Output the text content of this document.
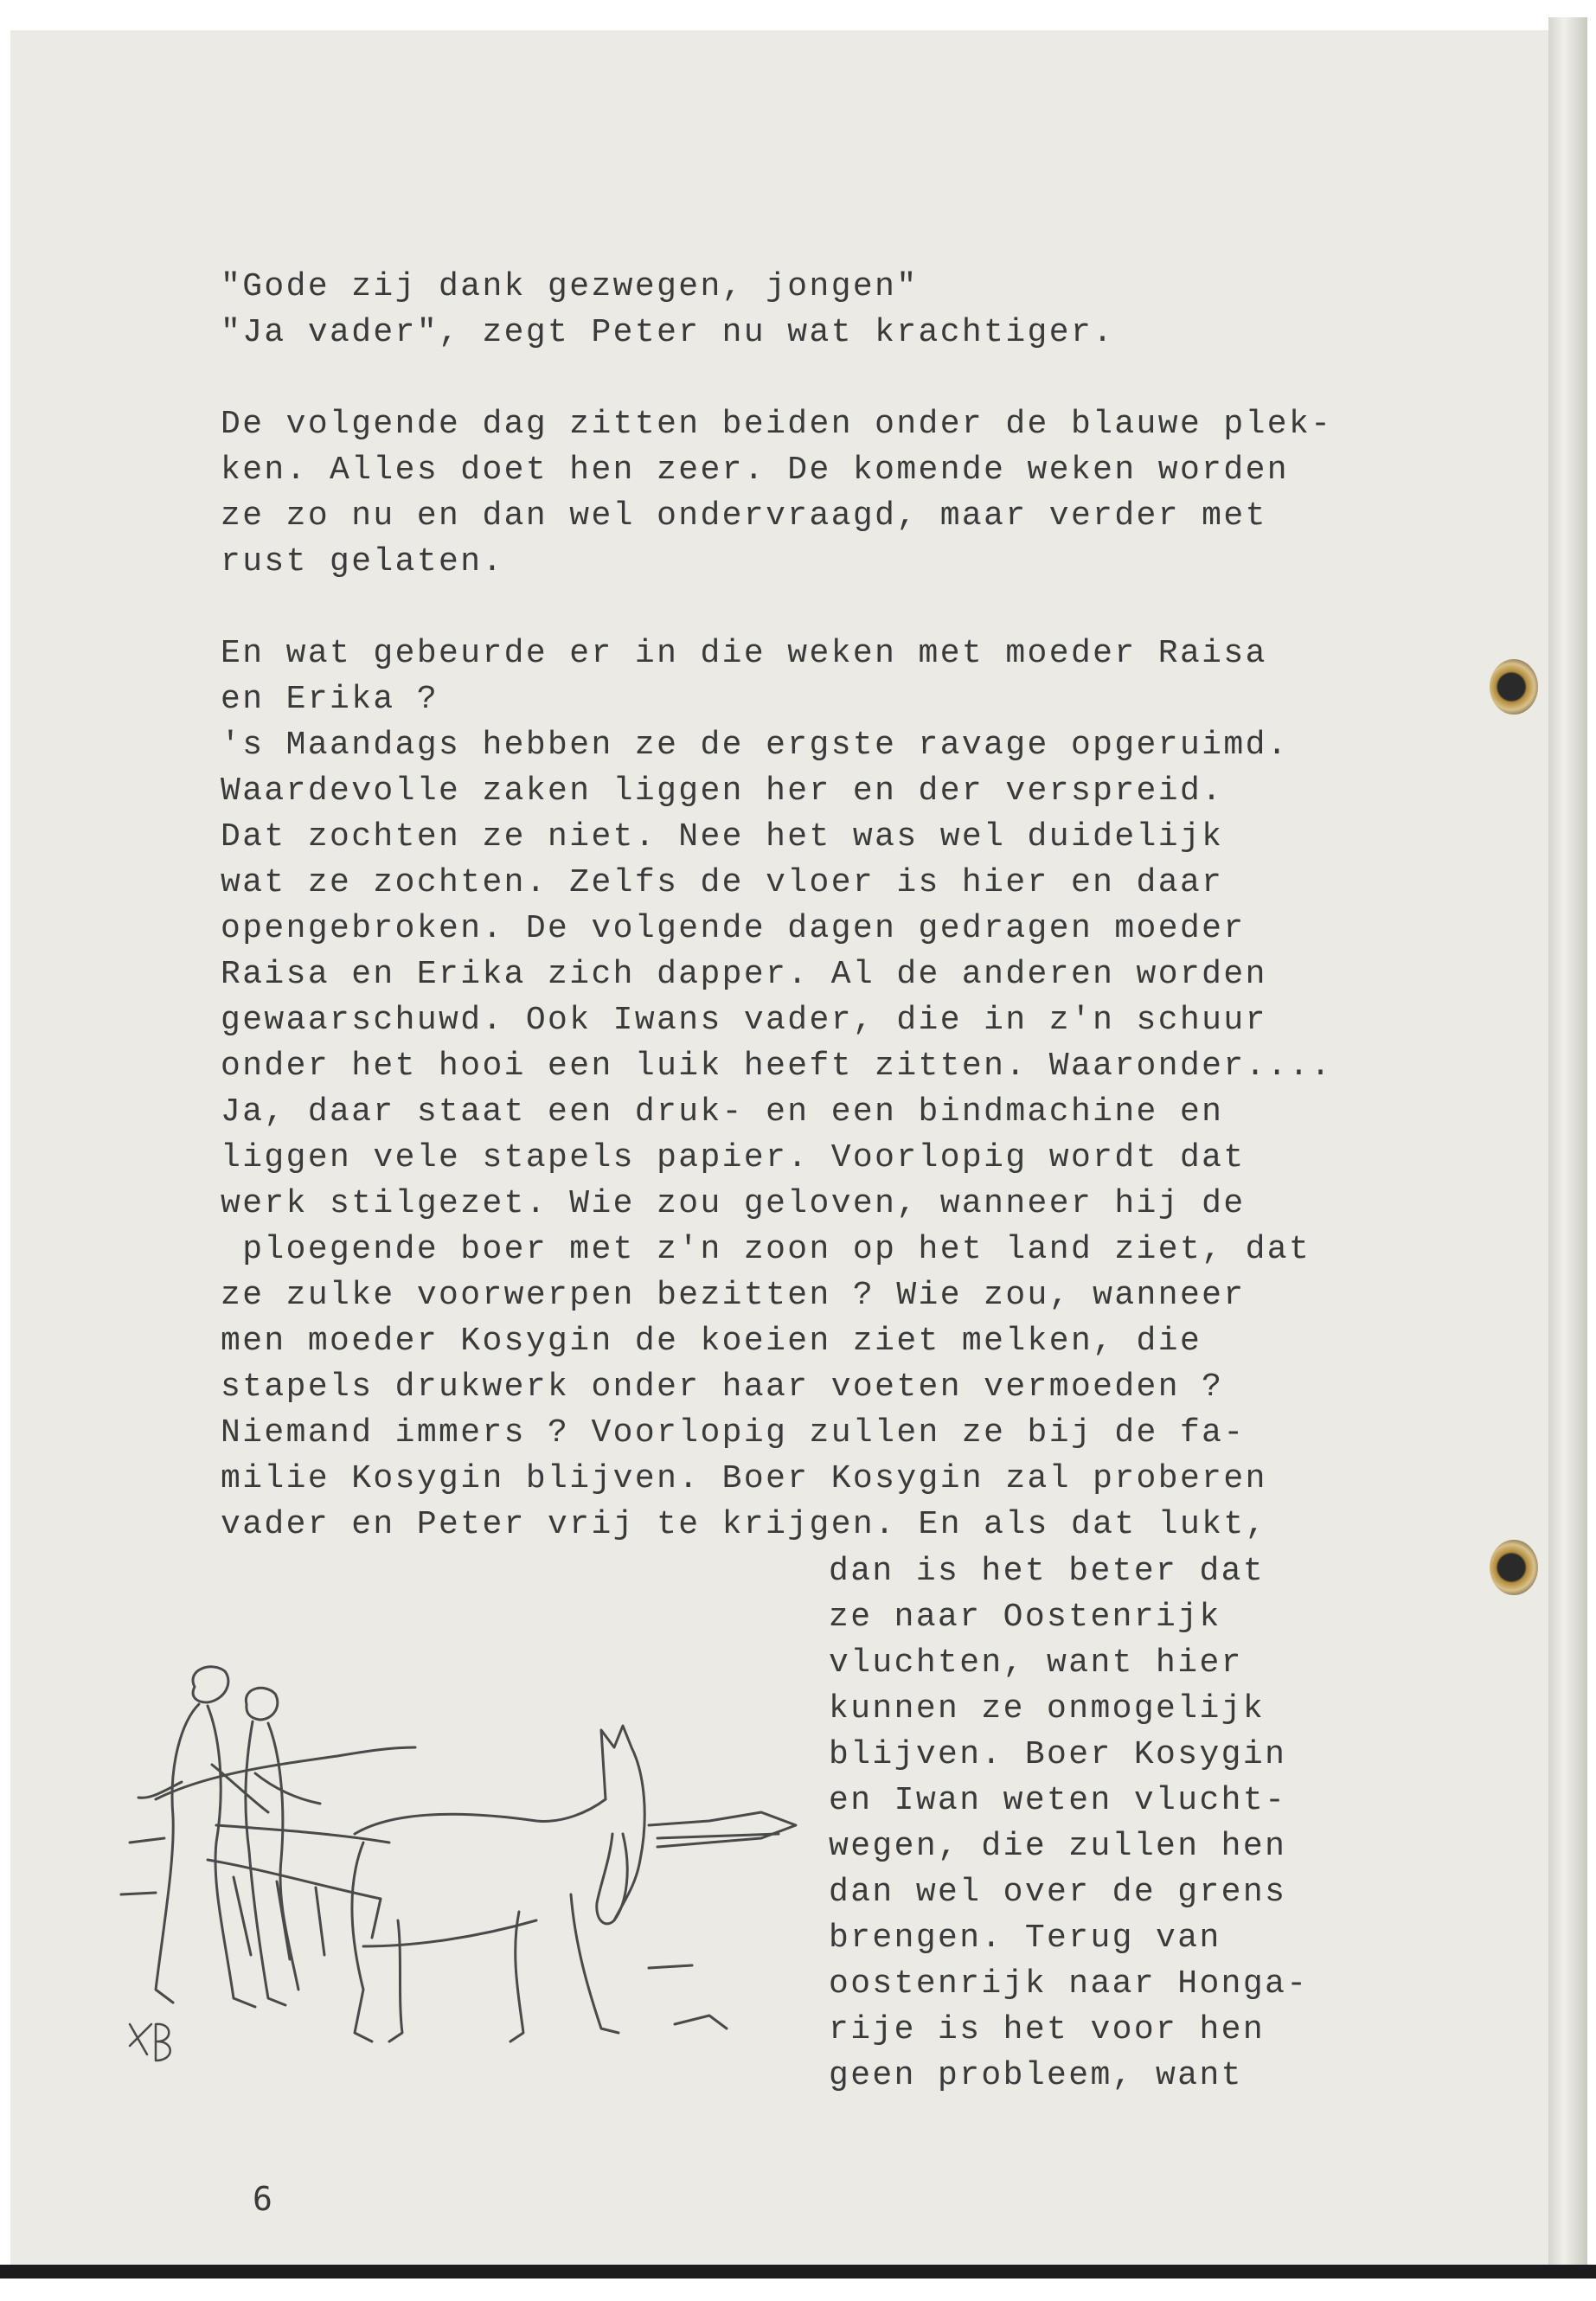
"Gode zij dank gezwegen, jongen"
"Ja vader", zegt Peter nu wat krachtiger.

De volgende dag zitten beiden onder de blauwe plek-
ken. Alles doet hen zeer. De komende weken worden
ze zo nu en dan wel ondervraagd, maar verder met
rust gelaten.

En wat gebeurde er in die weken met moeder Raisa
en Erika ?
's Maandags hebben ze de ergste ravage opgeruimd.
Waardevolle zaken liggen her en der verspreid.
Dat zochten ze niet. Nee het was wel duidelijk
wat ze zochten. Zelfs de vloer is hier en daar
opengebroken. De volgende dagen gedragen moeder
Raisa en Erika zich dapper. Al de anderen worden
gewaarschuwd. Ook Iwans vader, die in z'n schuur
onder het hooi een luik heeft zitten. Waaronder....
Ja, daar staat een druk- en een bindmachine en
liggen vele stapels papier. Voorlopig wordt dat
werk stilgezet. Wie zou geloven, wanneer hij de
ploegende boer met z'n zoon op het land ziet, dat
ze zulke voorwerpen bezitten ? Wie zou, wanneer
men moeder Kosygin de koeien ziet melken, die
stapels drukwerk onder haar voeten vermoeden ?
Niemand immers ? Voorlopig zullen ze bij de fa-
milie Kosygin blijven. Boer Kosygin zal proberen
vader en Peter vrij te krijgen. En als dat lukt,
dan is het beter dat
ze naar Oostenrijk
vluchten, want hier
kunnen ze onmogelijk
blijven. Boer Kosygin
en Iwan weten vlucht-
wegen, die zullen hen
dan wel over de grens
brengen. Terug van
oostenrijk naar Honga-
rije is het voor hen
geen probleem, want
6
